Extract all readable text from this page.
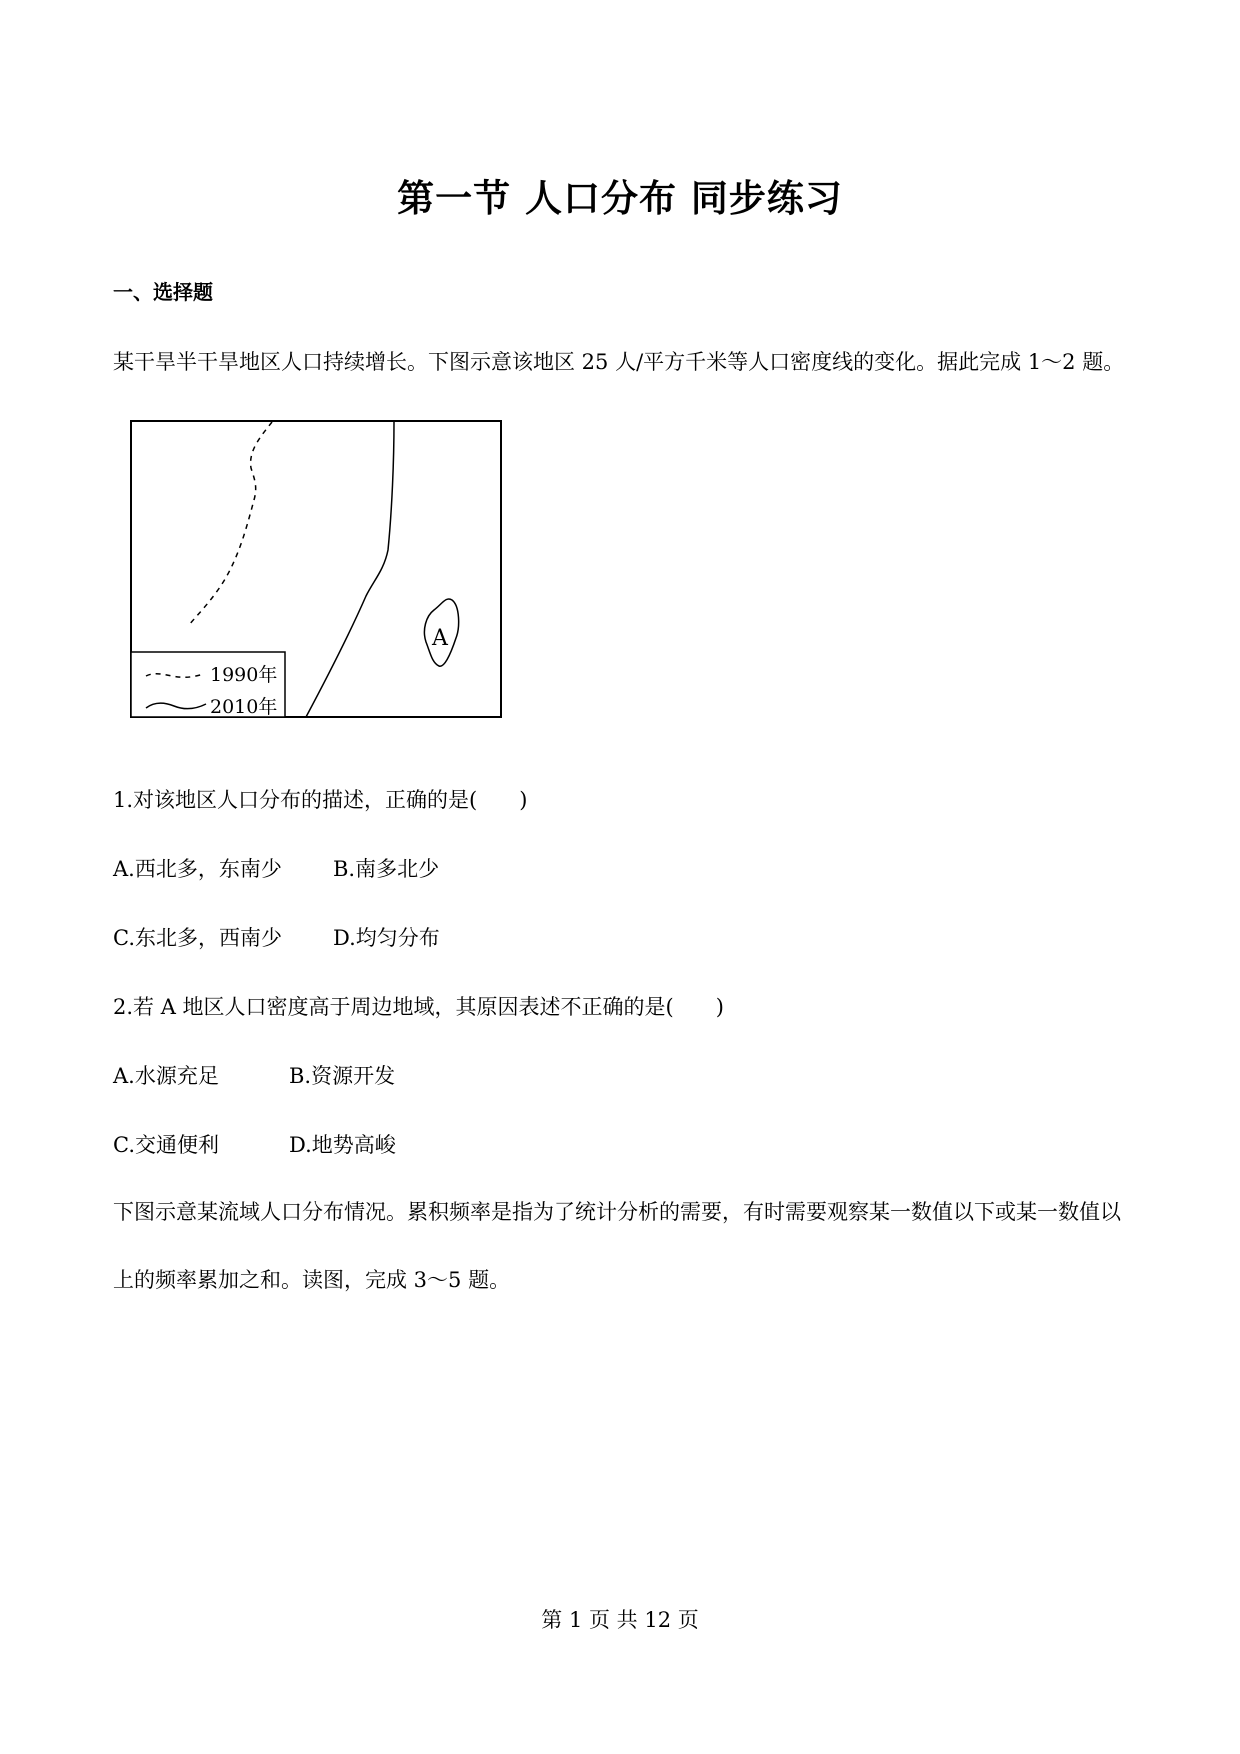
第一节 人口分布 同步练习
一、选择题
某干旱半干旱地区人口持续增长。下图示意该地区 25 人/平方千米等人口密度线的变化。据此完成 1～2 题。
A
1990年
2010年
1.对该地区人口分布的描述，正确的是(　　)
A.西北多，东南少 B.南多北少
C.东北多，西南少 D.均匀分布
2.若 A 地区人口密度高于周边地域，其原因表述不正确的是(　　)
A.水源充足	B.资源开发
C.交通便利	D.地势高峻
下图示意某流域人口分布情况。累积频率是指为了统计分析的需要，有时需要观察某一数值以下或某一数值以上的频率累加之和。读图，完成 3～5 题。
第 1 页 共 12 页
